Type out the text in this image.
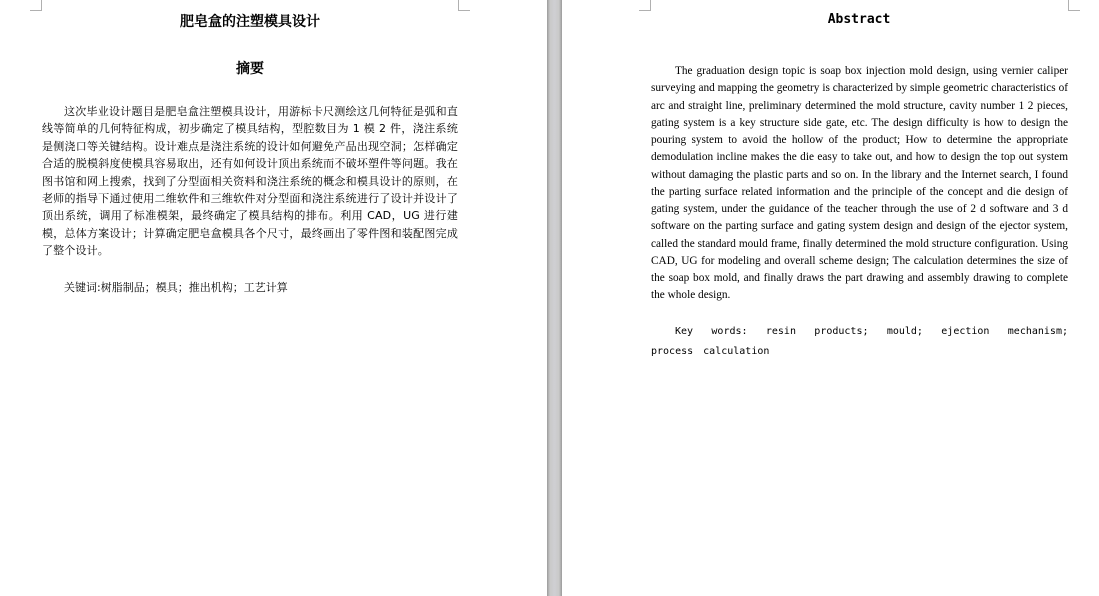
肥皂盒的注塑模具设计
摘要

这次毕业设计题目是肥皂盒注塑模具设计，用游标卡尺测绘这几何特征是弧和直线等简单的几何特征构成，初步确定了模具结构，型腔数目为 1 模 2 件，浇注系统是侧浇口等关键结构。设计难点是浇注系统的设计如何避免产品出现空洞；怎样确定合适的脱模斜度使模具容易取出，还有如何设计顶出系统而不破坏塑件等问题。我在图书馆和网上搜索，找到了分型面相关资料和浇注系统的概念和模具设计的原则，在老师的指导下通过使用二维软件和三维软件对分型面和浇注系统进行了设计并设计了顶出系统，调用了标准模架，最终确定了模具结构的排布。利用 CAD，UG 进行建模，总体方案设计；计算确定肥皂盒模具各个尺寸，最终画出了零件图和装配图完成了整个设计。

关键词:树脂制品；模具；推出机构；工艺计算

Abstract

The graduation design topic is soap box injection mold design, using vernier caliper surveying and mapping the geometry is characterized by simple geometric characteristics of arc and straight line, preliminary determined the mold structure, cavity number 1 2 pieces, gating system is a key structure side gate, etc. The design difficulty is how to design the pouring system to avoid the hollow of the product; How to determine the appropriate demodulation incline makes the die easy to take out, and how to design the top out system without damaging the plastic parts and so on. In the library and the Internet search, I found the parting surface related information and the principle of the concept and die design of gating system, under the guidance of the teacher through the use of 2 d software and 3 d software on the parting surface and gating system design and design of the ejector system, called the standard mould frame, finally determined the mold structure configuration. Using CAD, UG for modeling and overall scheme design; The calculation determines the size of the soap box mold, and finally draws the part drawing and assembly drawing to complete the whole design.

Key words: resin products; mould; ejection mechanism; process calculation
